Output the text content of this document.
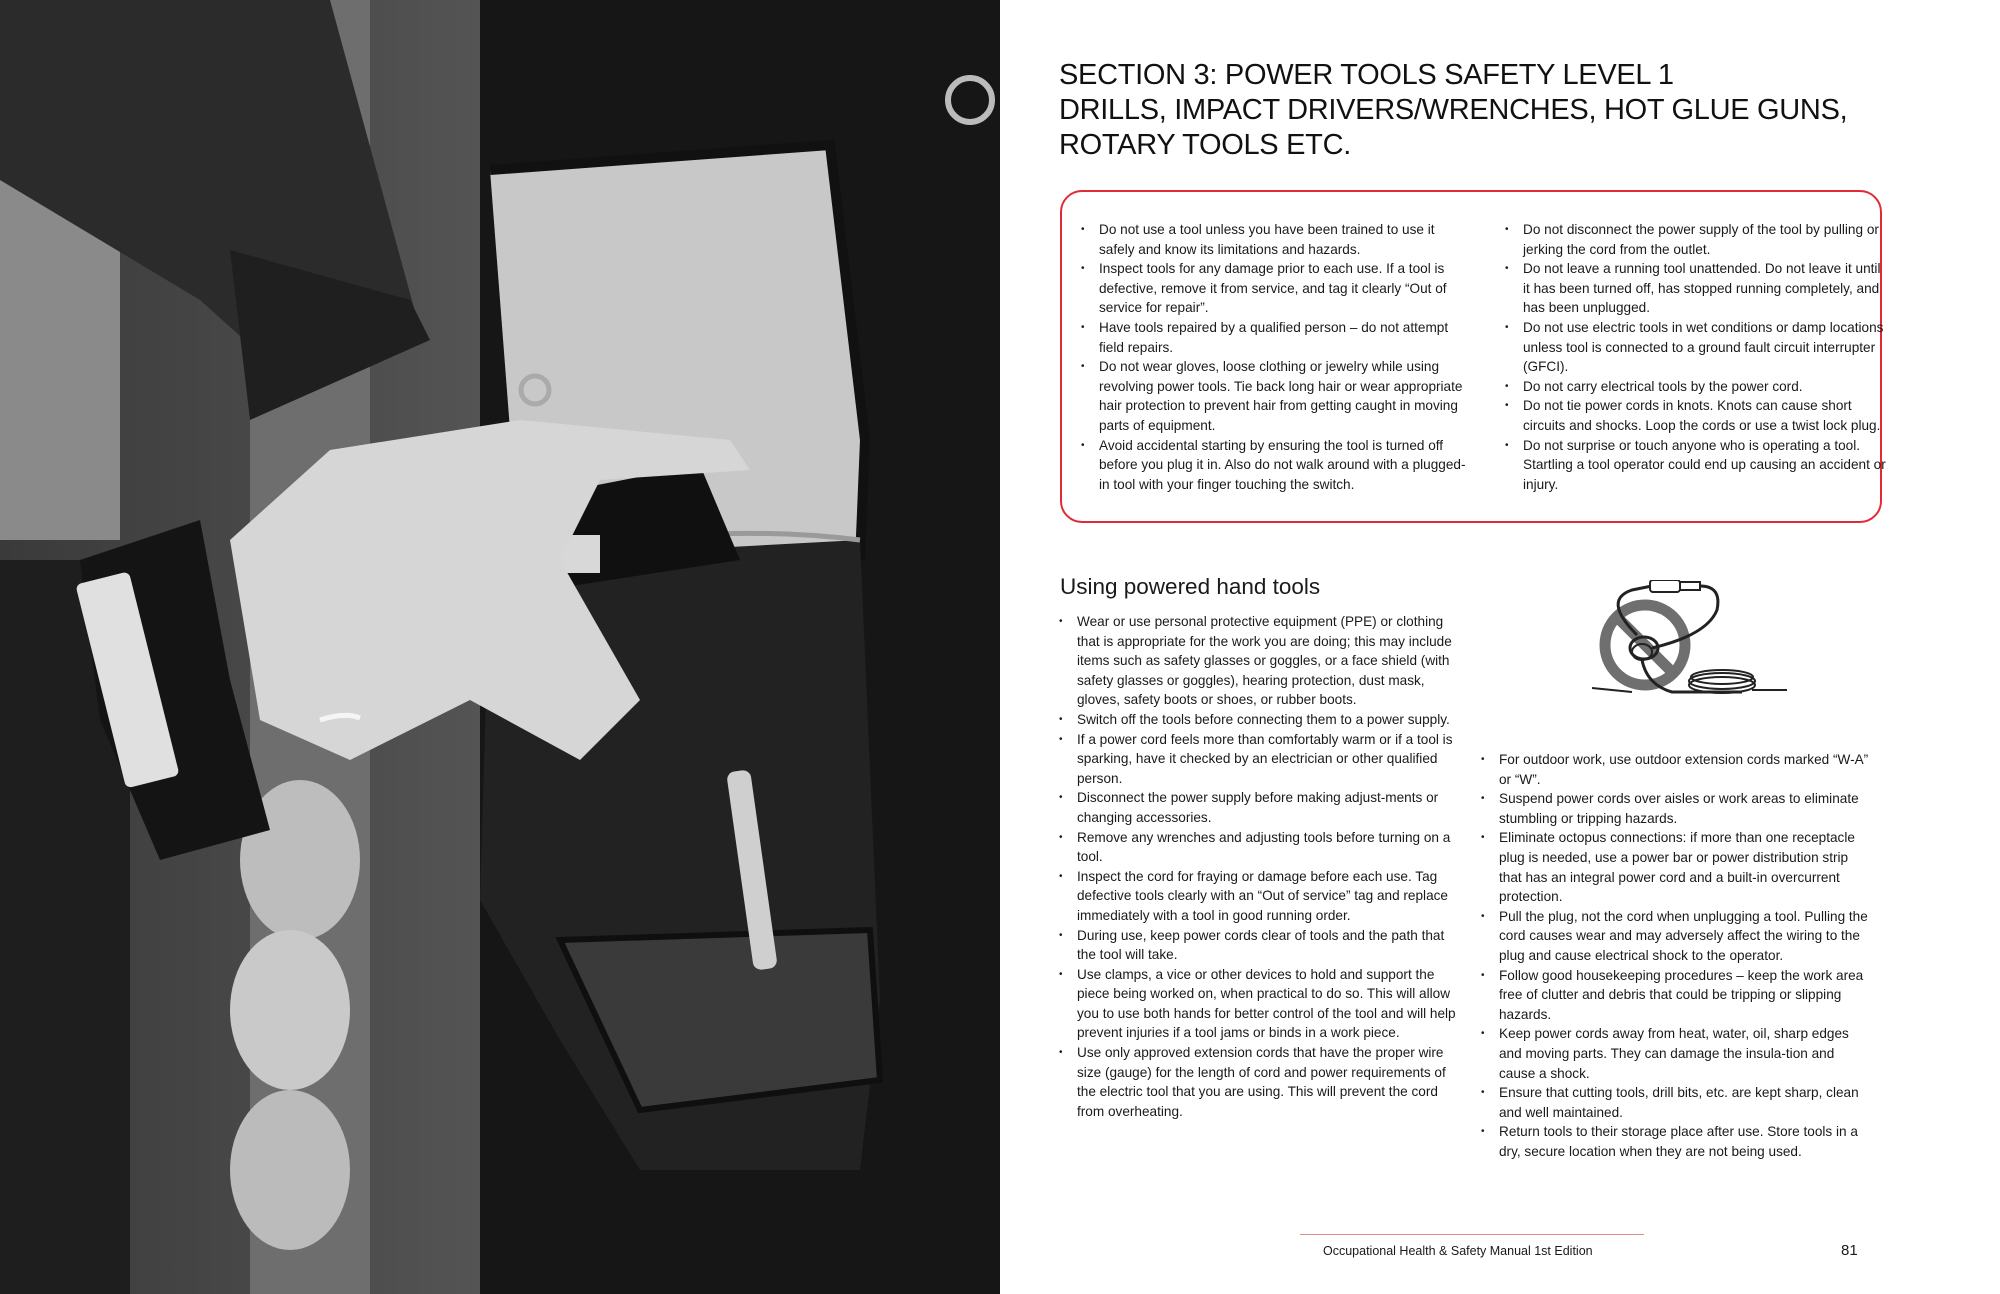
SECTION 3: POWER TOOLS SAFETY LEVEL 1
DRILLS, IMPACT DRIVERS/WRENCHES, HOT GLUE GUNS,
ROTARY TOOLS ETC.
• Do not use a tool unless you have been trained to use it safely and know its limitations and hazards.
• Inspect tools for any damage prior to each use. If a tool is defective, remove it from service, and tag it clearly “Out of service for repair”.
• Have tools repaired by a qualified person – do not attempt field repairs.
• Do not wear gloves, loose clothing or jewelry while using revolving power tools. Tie back long hair or wear appropriate hair protection to prevent hair from getting caught in moving parts of equipment.
• Avoid accidental starting by ensuring the tool is turned off before you plug it in. Also do not walk around with a plugged-in tool with your finger touching the switch.
• Do not disconnect the power supply of the tool by pulling or jerking the cord from the outlet.
• Do not leave a running tool unattended. Do not leave it until it has been turned off, has stopped running completely, and has been unplugged.
• Do not use electric tools in wet conditions or damp locations unless tool is connected to a ground fault circuit interrupter (GFCI).
• Do not carry electrical tools by the power cord.
• Do not tie power cords in knots. Knots can cause short circuits and shocks. Loop the cords or use a twist lock plug.
• Do not surprise or touch anyone who is operating a tool. Startling a tool operator could end up causing an accident or injury.
Using powered hand tools
• Wear or use personal protective equipment (PPE) or clothing that is appropriate for the work you are doing; this may include items such as safety glasses or goggles, or a face shield (with safety glasses or goggles), hearing protection, dust mask, gloves, safety boots or shoes, or rubber boots.
• Switch off the tools before connecting them to a power supply.
• If a power cord feels more than comfortably warm or if a tool is sparking, have it checked by an electrician or other qualified person.
• Disconnect the power supply before making adjust-ments or changing accessories.
• Remove any wrenches and adjusting tools before turning on a tool.
• Inspect the cord for fraying or damage before each use. Tag defective tools clearly with an “Out of service” tag and replace immediately with a tool in good running order.
• During use, keep power cords clear of tools and the path that the tool will take.
• Use clamps, a vice or other devices to hold and support the piece being worked on, when practical to do so. This will allow you to use both hands for better control of the tool and will help prevent injuries if a tool jams or binds in a work piece.
• Use only approved extension cords that have the proper wire size (gauge) for the length of cord and power requirements of the electric tool that you are using. This will prevent the cord from overheating.
• For outdoor work, use outdoor extension cords marked “W-A” or “W”.
• Suspend power cords over aisles or work areas to eliminate stumbling or tripping hazards.
• Eliminate octopus connections: if more than one receptacle plug is needed, use a power bar or power distribution strip that has an integral power cord and a built-in overcurrent protection.
• Pull the plug, not the cord when unplugging a tool. Pulling the cord causes wear and may adversely affect the wiring to the plug and cause electrical shock to the operator.
• Follow good housekeeping procedures – keep the work area free of clutter and debris that could be tripping or slipping hazards.
• Keep power cords away from heat, water, oil, sharp edges and moving parts. They can damage the insula-tion and cause a shock.
• Ensure that cutting tools, drill bits, etc. are kept sharp, clean and well maintained.
• Return tools to their storage place after use. Store tools in a dry, secure location when they are not being used.
Occupational Health & Safety Manual 1st Edition	81
